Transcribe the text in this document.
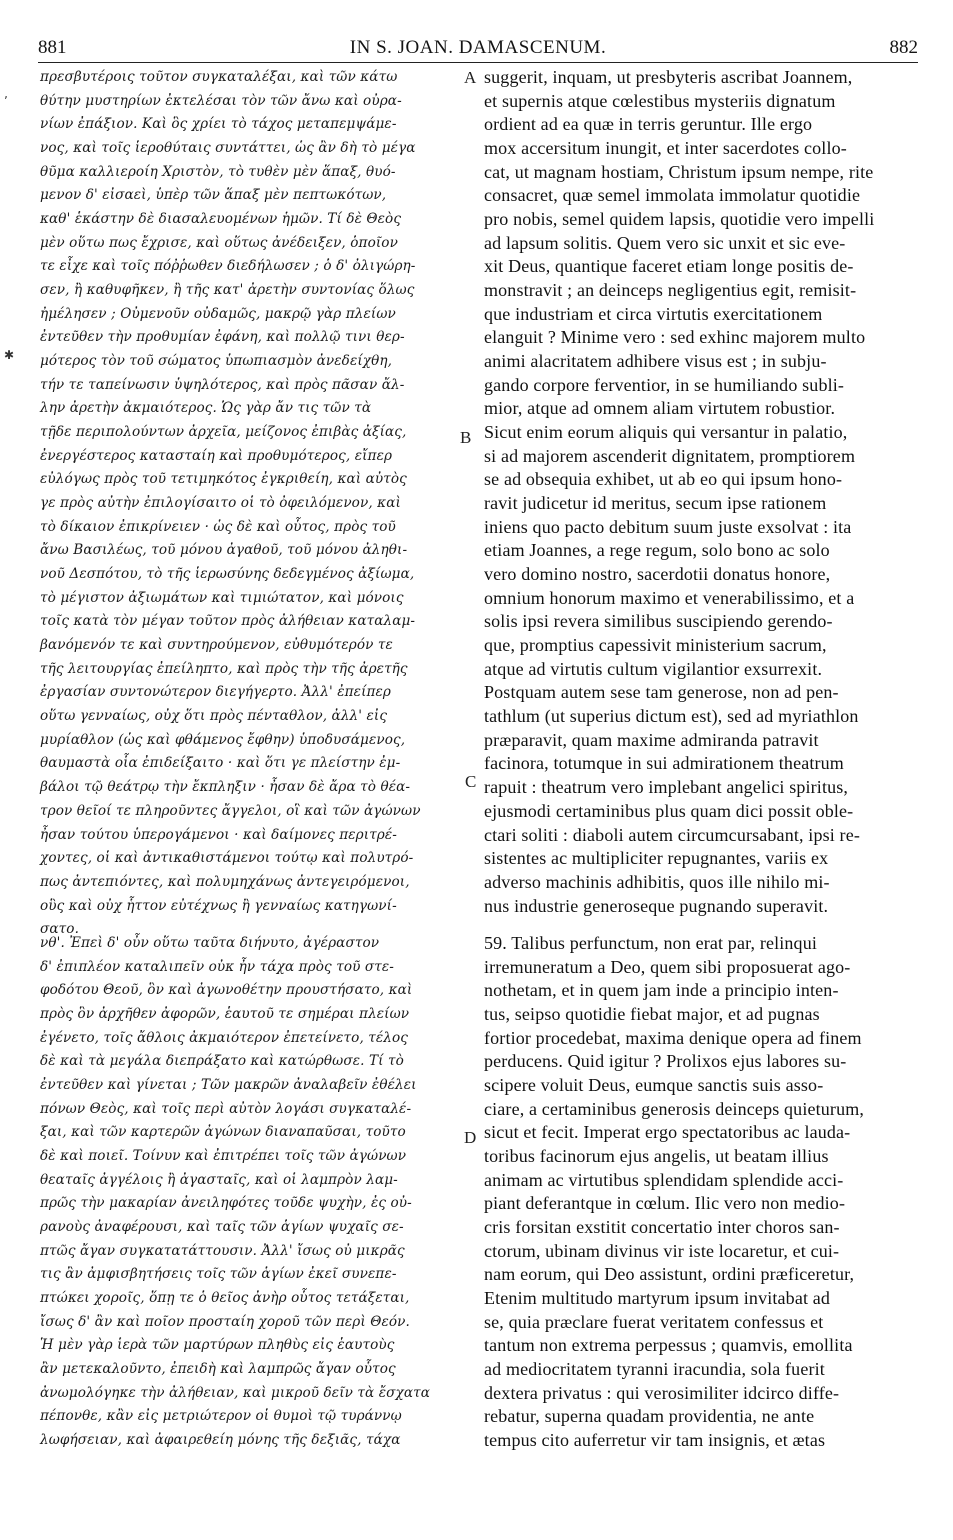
881	IN S. JOAN. DAMASCENUM.	882
ʼ
✱
πρεσβυτέροις τοῦτον συγκαταλέξαι, καὶ τῶν κάτω
θύτην μυστηρίων ἐκτελέσαι τὸν τῶν ἄνω καὶ οὐρα-
νίων ἐπάξιον. Καὶ ὃς χρίει τὸ τάχος μεταπεμψάμε-
νος, καὶ τοῖς ἱεροθύταις συντάττει, ὡς ἂν δὴ τὸ μέγα
θῦμα καλλιερoίη Χριστὸν, τὸ τυθὲν μὲν ἅπαξ, θυό-
μενον δ' εἰσαεὶ, ὑπὲρ τῶν ἅπαξ μὲν πεπτωκότων,
καθ' ἑκάστην δὲ διασαλευομένων ἡμῶν. Τί δὲ Θεὸς
μὲν οὕτω πως ἔχρισε, καὶ οὕτως ἀνέδειξεν, ὁποῖον
τε εἶχε καὶ τοῖς πόῤῥωθεν διεδήλωσεν ; ὁ δ' ὀλιγώρη-
σεν, ἢ καθυφῆκεν, ἢ τῆς κατ' ἀρετὴν συντονίας ὅλως
ἠμέλησεν ; Οὐμενοῦν οὐδαμῶς, μακρῷ γὰρ πλείων
ἐντεῦθεν τὴν προθυμίαν ἐφάνη, καὶ πολλῷ τινι θερ-
μότερος τὸν τοῦ σώματος ὑπωπιασμὸν ἀνεδείχθη,
τήν τε ταπείνωσιν ὑψηλότερος, καὶ πρὸς πᾶσαν ἄλ-
λην ἀρετὴν ἀκμαιότερος. Ὡς γὰρ ἄν τις τῶν τὰ
τῇδε περιπολούντων ἀρχεῖα, μείζονος ἐπιβὰς ἀξίας,
ἐνεργέστερος κατασταίη καὶ προθυμότερος, εἴπερ
εὐλόγως πρὸς τοῦ τετιμηκότος ἐγκριθείη, καὶ αὐτὸς
γε πρὸς αὐτὴν ἐπιλογίσαιτο οἱ τὸ ὀφειλόμενον, καὶ
τὸ δίκαιον ἐπικρίνειεν · ὡς δὲ καὶ οὗτος, πρὸς τοῦ
ἄνω Βασιλέως, τοῦ μόνου ἀγαθοῦ, τοῦ μόνου ἀληθι-
νοῦ Δεσπότου, τὸ τῆς ἱερωσύνης δεδεγμένος ἀξίωμα,
τὸ μέγιστον ἀξιωμάτων καὶ τιμιώτατον, καὶ μόνοις
τοῖς κατὰ τὸν μέγαν τοῦτον πρὸς ἀλήθειαν καταλαμ-
βανόμενόν τε καὶ συντηρούμενον, εὐθυμότερόν τε
τῆς λειτουργίας ἐπείληπτο, καὶ πρὸς τὴν τῆς ἀρετῆς
ἐργασίαν συντονώτερον διεγήγερτο. Ἀλλ' ἐπείπερ
οὕτω γενναίως, οὐχ ὅτι πρὸς πένταθλον, ἀλλ' εἰς
μυρίαθλον (ὡς καὶ φθάμενος ἔφθην) ὑποδυσάμενος,
θαυμαστὰ οἷα ἐπιδείξαιτο · καὶ ὅτι γε πλείστην ἐμ-
βάλοι τῷ θεάτρῳ τὴν ἔκπληξιν · ἦσαν δὲ ἄρα τὸ θέα-
τρον θεῖοί τε πληροῦντες ἄγγελοι, οἳ καὶ τῶν ἀγώνων
ἦσαν τούτου ὑπερογάμενοι · καὶ δαίμονες περιτρέ-
χοντες, οἱ καὶ ἀντικαθιστάμενοι τούτῳ καὶ πολυτρό-
πως ἀντεπιόντες, καὶ πολυμηχάνως ἀντεγειρόμενοι,
οὓς καὶ οὐχ ἧττον εὐτέχνως ἢ γενναίως κατηγωνί-
σατο.
suggerit, inquam, ut presbyteris ascribat Joannem,
et supernis atque cœlestibus mysteriis dignatum
ordient ad ea quæ in terris geruntur. Ille ergo
mox accersitum inungit, et inter sacerdotes collo-
cat, ut magnam hostiam, Christum ipsum nempe, rite
consacret, quæ semel immolata immolatur quotidie
pro nobis, semel quidem lapsis, quotidie vero impelli
ad lapsum solitis. Quem vero sic unxit et sic eve-
xit Deus, quantique faceret etiam longe positis de-
monstravit ; an deinceps negligentius egit, remisit-
que industriam et circa virtutis exercitationem
elanguit ? Minime vero : sed exhinc majorem multo
animi alacritatem adhibere visus est ; in subju-
gando corpore ferventior, in se humiliando subli-
mior, atque ad omnem aliam virtutem robustior.
Sicut enim eorum aliquis qui versantur in palatio,
si ad majorem ascenderit dignitatem, promptiorem
se ad obsequia exhibet, ut ab eo qui ipsum hono-
ravit judicetur id meritus, secum ipse rationem
iniens quo pacto debitum suum juste exsolvat : ita
etiam Joannes, a rege regum, solo bono ac solo
vero domino nostro, sacerdotii donatus honore,
omnium honorum maximo et venerabilissimo, et a
solis ipsi revera similibus suscipiendo gerendo-
que, promptius capessivit ministerium sacrum,
atque ad virtutis cultum vigilantior exsurrexit.
Postquam autem sese tam generose, non ad pen-
tathlum (ut superius dictum est), sed ad myriathlon
præparavit, quam maxime admiranda patravit
facinora, totumque in sui admirationem theatrum
rapuit : theatrum vero implebant angelici spiritus,
ejusmodi certaminibus plus quam dici possit oble-
ctari soliti : diaboli autem circumcursabant, ipsi re-
sistentes ac multipliciter repugnantes, variis ex
adverso machinis adhibitis, quos ille nihilo mi-
nus industrie generoseque pugnando superavit.
νθ'. Ἐπεὶ δ' οὖν οὕτω ταῦτα διήνυτο, ἀγέραστον
δ' ἐπιπλέον καταλιπεῖν οὐκ ἦν τάχα πρὸς τοῦ στε-
φοδότου Θεοῦ, ὃν καὶ ἀγωνοθέτην προυστήσατο, καὶ
πρὸς ὃν ἀρχῆθεν ἀφορῶν, ἑαυτοῦ τε σημέραι πλείων
ἐγένετο, τοῖς ἄθλοις ἀκμαιότερον ἐπετείνετο, τέλος
δὲ καὶ τὰ μεγάλα διεπράξατο καὶ κατώρθωσε. Τί τὸ
ἐντεῦθεν καὶ γίνεται ; Τῶν μακρῶν ἀναλαβεῖν ἐθέλει
πόνων Θεὸς, καὶ τοῖς περὶ αὐτὸν λογάσι συγκαταλέ-
ξαι, καὶ τῶν καρτερῶν ἀγώνων διαναπαῦσαι, τοῦτο
δὲ καὶ ποιεῖ. Τοίνυν καὶ ἐπιτρέπει τοῖς τῶν ἀγώνων
θεαταῖς ἀγγέλοις ἢ ἀγασταῖς, καὶ οἱ λαμπρὸν λαμ-
πρῶς τὴν μακαρίαν ἀνειληφότες τοῦδε ψυχὴν, ἐς οὐ-
ρανοὺς ἀναφέρουσι, καὶ ταῖς τῶν ἁγίων ψυχαῖς σε-
πτῶς ἄγαν συγκατατάττουσιν. Ἀλλ' ἴσως οὐ μικρᾶς
τις ἂν ἀμφισβητήσεις τοῖς τῶν ἁγίων ἐκεῖ συνεπε-
πτώκει χοροῖς, ὅπῃ τε ὁ θεῖος ἀνὴρ οὗτος τετάξεται,
ἴσως δ' ἂν καὶ ποῖον προσταίη χοροῦ τῶν περὶ Θεόν.
Ἡ μὲν γὰρ ἱερὰ τῶν μαρτύρων πληθὺς εἰς ἑαυτοὺς
ἂν μετεκαλοῦντο, ἐπειδὴ καὶ λαμπρῶς ἄγαν οὗτος
ἀνωμολόγηκε τὴν ἀλήθειαν, καὶ μικροῦ δεῖν τὰ ἔσχατα
πέπονθε, κἂν εἰς μετριώτερον οἱ θυμοὶ τῷ τυράννῳ
λωφήσειαν, καὶ ἀφαιρεθείη μόνης τῆς δεξιᾶς, τάχα
59. Talibus perfunctum, non erat par, relinqui
irremuneratum a Deo, quem sibi proposuerat ago-
nothetam, et in quem jam inde a principio inten-
tus, seipso quotidie fiebat major, et ad pugnas
fortior procedebat, maxima denique opera ad finem
perducens. Quid igitur ? Prolixos ejus labores su-
scipere voluit Deus, eumque sanctis suis asso-
ciare, a certaminibus generosis deinceps quieturum,
sicut et fecit. Imperat ergo spectatoribus ac lauda-
toribus facinorum ejus angelis, ut beatam illius
animam ac virtutibus splendidam splendide acci-
piant deferantque in cœlum. Ilic vero non medio-
cris forsitan exstitit concertatio inter choros san-
ctorum, ubinam divinus vir iste locaretur, et cui-
nam eorum, qui Deo assistunt, ordini præficeretur,
Etenim multitudo martyrum ipsum invitabat ad
se, quia præclare fuerat veritatem confessus et
tantum non extrema perpessus ; quamvis, emollita
ad mediocritatem tyranni iracundia, sola fuerit
dextera privatus : qui verosimiliter idcirco diffe-
rebatur, superna quadam providentia, ne ante
tempus cito auferretur vir tam insignis, et ætas
A
B
C
D
